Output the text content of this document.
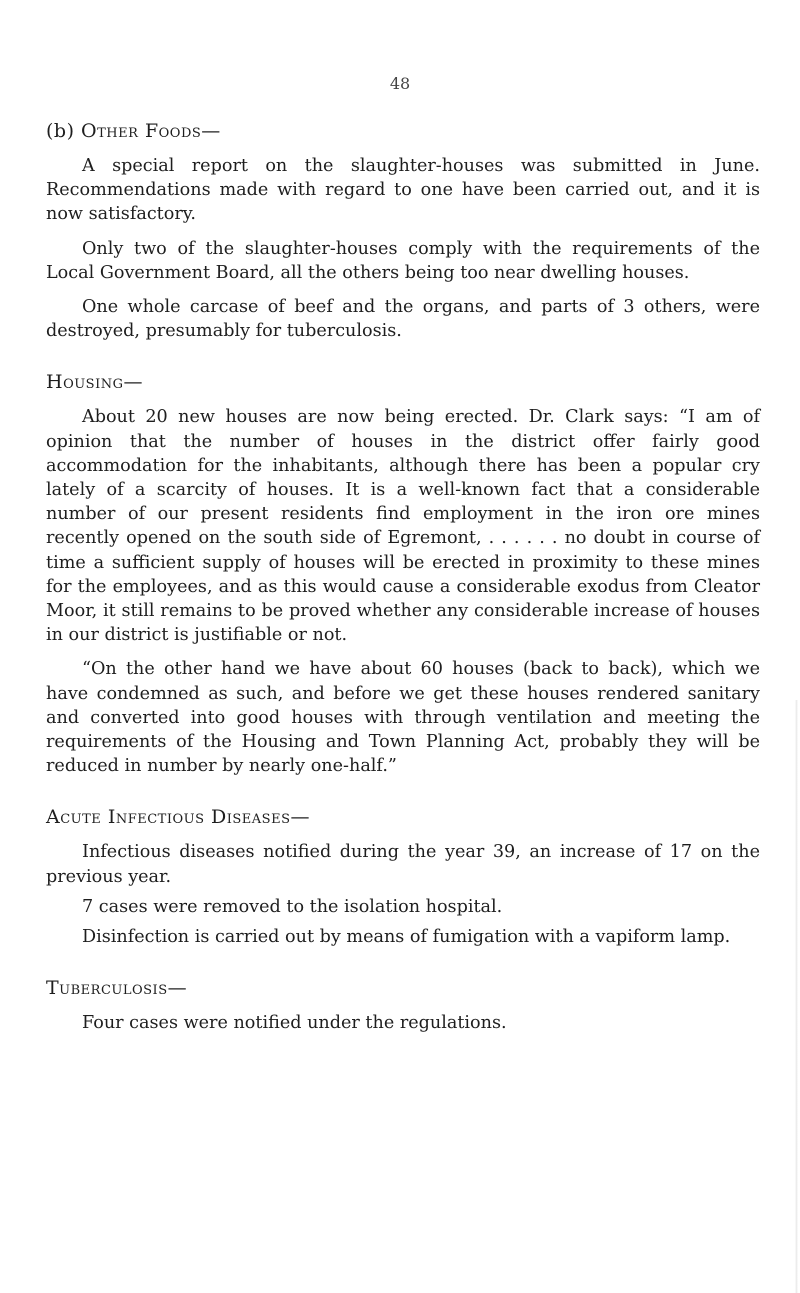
48
(b) Other Foods—

A special report on the slaughter-houses was submitted in June. Recommendations made with regard to one have been carried out, and it is now satisfactory.

Only two of the slaughter-houses comply with the requirements of the Local Government Board, all the others being too near dwelling houses.

One whole carcase of beef and the organs, and parts of 3 others, were destroyed, presumably for tuberculosis.

Housing—

About 20 new houses are now being erected. Dr. Clark says: “I am of opinion that the number of houses in the district offer fairly good accommodation for the inhabitants, although there has been a popular cry lately of a scarcity of houses. It is a well-known fact that a considerable number of our present residents find employment in the iron ore mines recently opened on the south side of Egremont, . . . . . . no doubt in course of time a sufficient supply of houses will be erected in proximity to these mines for the employees, and as this would cause a considerable exodus from Cleator Moor, it still remains to be proved whether any considerable increase of houses in our district is justifiable or not.

“On the other hand we have about 60 houses (back to back), which we have condemned as such, and before we get these houses rendered sanitary and converted into good houses with through ventilation and meeting the requirements of the Housing and Town Planning Act, probably they will be reduced in number by nearly one-half.”

Acute Infectious Diseases—

Infectious diseases notified during the year 39, an increase of 17 on the previous year.

7 cases were removed to the isolation hospital.

Disinfection is carried out by means of fumigation with a vapiform lamp.

Tuberculosis—

Four cases were notified under the regulations.
